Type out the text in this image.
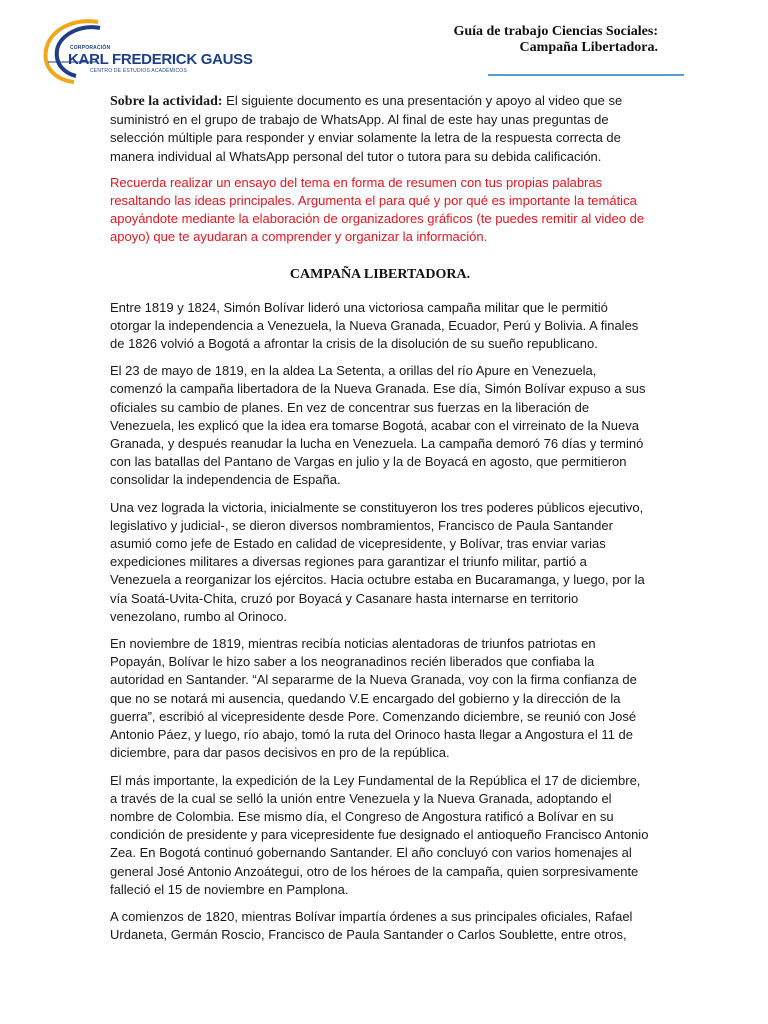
CORPORACIÓN
KARL FREDERICK GAUSS
CENTRO DE ESTUDIOS ACADÉMICOS
Guía de trabajo Ciencias Sociales:
Campaña Libertadora.

Sobre la actividad: El siguiente documento es una presentación y apoyo al video que se suministró en el grupo de trabajo de WhatsApp. Al final de este hay unas preguntas de selección múltiple para responder y enviar solamente la letra de la respuesta correcta de manera individual al WhatsApp personal del tutor o tutora para su debida calificación.

Recuerda realizar un ensayo del tema en forma de resumen con tus propias palabras resaltando las ideas principales. Argumenta el para qué y por qué es importante la temática apoyándote mediante la elaboración de organizadores gráficos (te puedes remitir al video de apoyo) que te ayudaran a comprender y organizar la información.

CAMPAÑA LIBERTADORA.

Entre 1819 y 1824, Simón Bolívar lideró una victoriosa campaña militar que le permitió otorgar la independencia a Venezuela, la Nueva Granada, Ecuador, Perú y Bolivia. A finales de 1826 volvió a Bogotá a afrontar la crisis de la disolución de su sueño republicano.

El 23 de mayo de 1819, en la aldea La Setenta, a orillas del río Apure en Venezuela, comenzó la campaña libertadora de la Nueva Granada. Ese día, Simón Bolívar expuso a sus oficiales su cambio de planes. En vez de concentrar sus fuerzas en la liberación de Venezuela, les explicó que la idea era tomarse Bogotá, acabar con el virreinato de la Nueva Granada, y después reanudar la lucha en Venezuela. La campaña demoró 76 días y terminó con las batallas del Pantano de Vargas en julio y la de Boyacá en agosto, que permitieron consolidar la independencia de España.

Una vez lograda la victoria, inicialmente se constituyeron los tres poderes públicos ejecutivo, legislativo y judicial-, se dieron diversos nombramientos, Francisco de Paula Santander asumió como jefe de Estado en calidad de vicepresidente, y Bolívar, tras enviar varias expediciones militares a diversas regiones para garantizar el triunfo militar, partió a Venezuela a reorganizar los ejércitos. Hacia octubre estaba en Bucaramanga, y luego, por la vía Soatá-Uvita-Chita, cruzó por Boyacá y Casanare hasta internarse en territorio venezolano, rumbo al Orinoco.

En noviembre de 1819, mientras recibía noticias alentadoras de triunfos patriotas en Popayán, Bolívar le hizo saber a los neogranadinos recién liberados que confiaba la autoridad en Santander. “Al separarme de la Nueva Granada, voy con la firma confianza de que no se notará mi ausencia, quedando V.E encargado del gobierno y la dirección de la guerra”, escribió al vicepresidente desde Pore. Comenzando diciembre, se reunió con José Antonio Páez, y luego, río abajo, tomó la ruta del Orinoco hasta llegar a Angostura el 11 de diciembre, para dar pasos decisivos en pro de la república.

El más importante, la expedición de la Ley Fundamental de la República el 17 de diciembre, a través de la cual se selló la unión entre Venezuela y la Nueva Granada, adoptando el nombre de Colombia. Ese mismo día, el Congreso de Angostura ratificó a Bolívar en su condición de presidente y para vicepresidente fue designado el antioqueño Francisco Antonio Zea. En Bogotá continuó gobernando Santander. El año concluyó con varios homenajes al general José Antonio Anzoátegui, otro de los héroes de la campaña, quien sorpresivamente falleció el 15 de noviembre en Pamplona.

A comienzos de 1820, mientras Bolívar impartía órdenes a sus principales oficiales, Rafael Urdaneta, Germán Roscio, Francisco de Paula Santander o Carlos Soublette, entre otros,
